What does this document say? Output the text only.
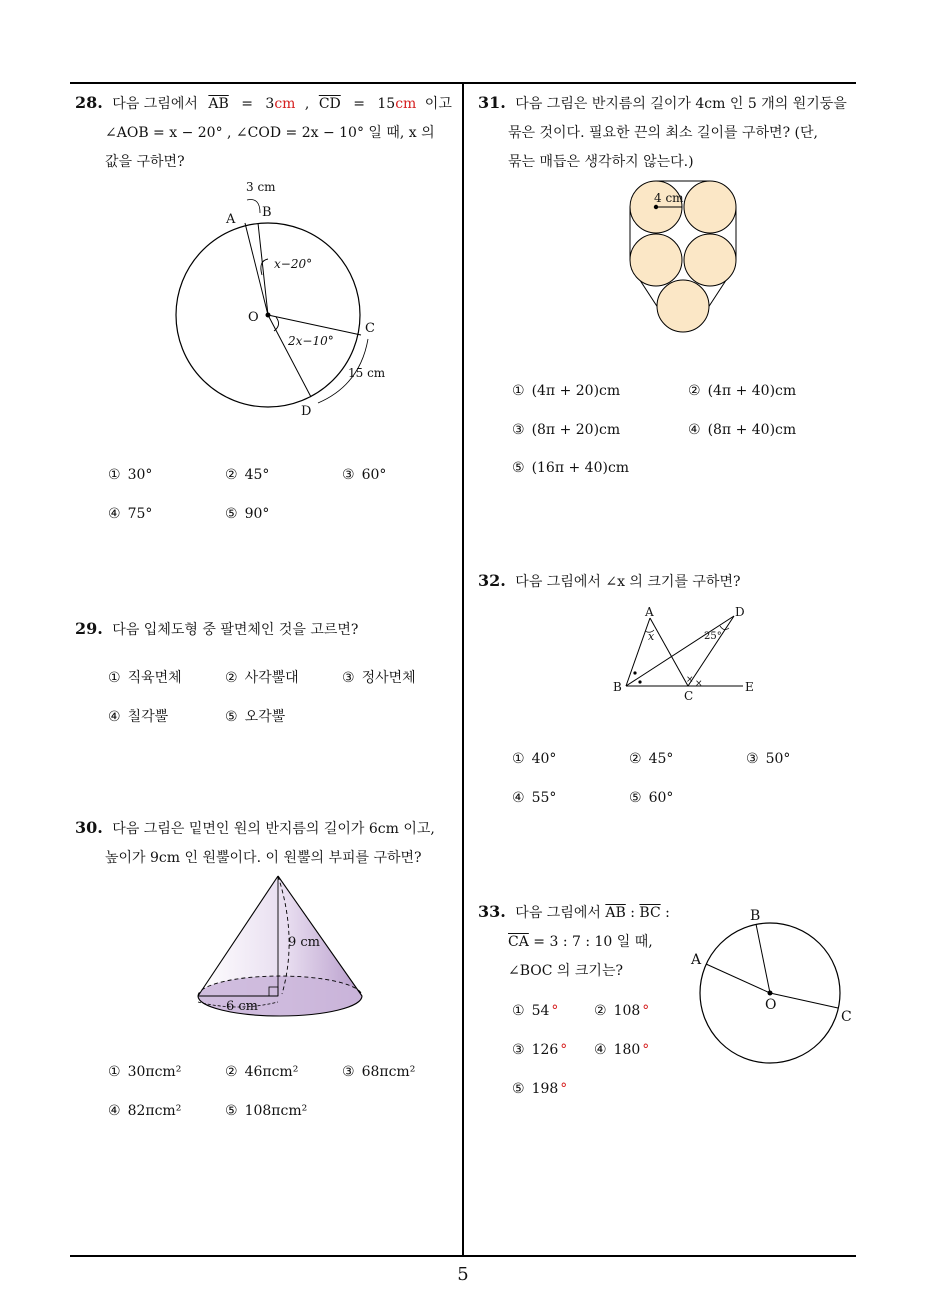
28. 다음 그림에서 $\overline{AB} = 3cm$ , $\overline{CD} = 15cm$ 이고
∠AOB = x − 20° , ∠COD = 2x − 10° 일 때, x 의
값을 구하면?
3 cm
A B
x−20°
O
C
2x−10°
15 cm
D
① 30°	② 45°	③ 60°
④ 75°	⑤ 90°
29. 다음 입체도형 중 팔면체인 것을 고르면?
① 직육면체	② 사각뿔대	③ 정사면체
④ 칠각뿔	⑤ 오각뿔
30. 다음 그림은 밑면인 원의 반지름의 길이가 6cm 이고,
높이가 9cm 인 원뿔이다. 이 원뿔의 부피를 구하면?
9 cm
6 cm
① 30πcm²	② 46πcm²	③ 68πcm²
④ 82πcm²	⑤ 108πcm²
31. 다음 그림은 반지름의 길이가 4cm 인 5 개의 원기둥을
묶은 것이다. 필요한 끈의 최소 길이를 구하면? (단,
묶는 매듭은 생각하지 않는다.)
4 cm
① (4π + 20)cm	② (4π + 40)cm
③ (8π + 20)cm	④ (8π + 40)cm
⑤ (16π + 40)cm
32. 다음 그림에서 ∠x 의 크기를 구하면?
A	D
x	25°
B
C
E
× ×
① 40°	② 45°	③ 50°
④ 55°	⑤ 60°
33. 다음 그림에서 $\overline{AB}$ : $\overline{BC}$ :
$\overline{CA} = 3$ : 7 : 10 일 때,
∠BOC 의 크기는?
B
A
O
C
① 54 °	② 108 °
③ 126 ° ④ 180 °
⑤ 198 °
5
